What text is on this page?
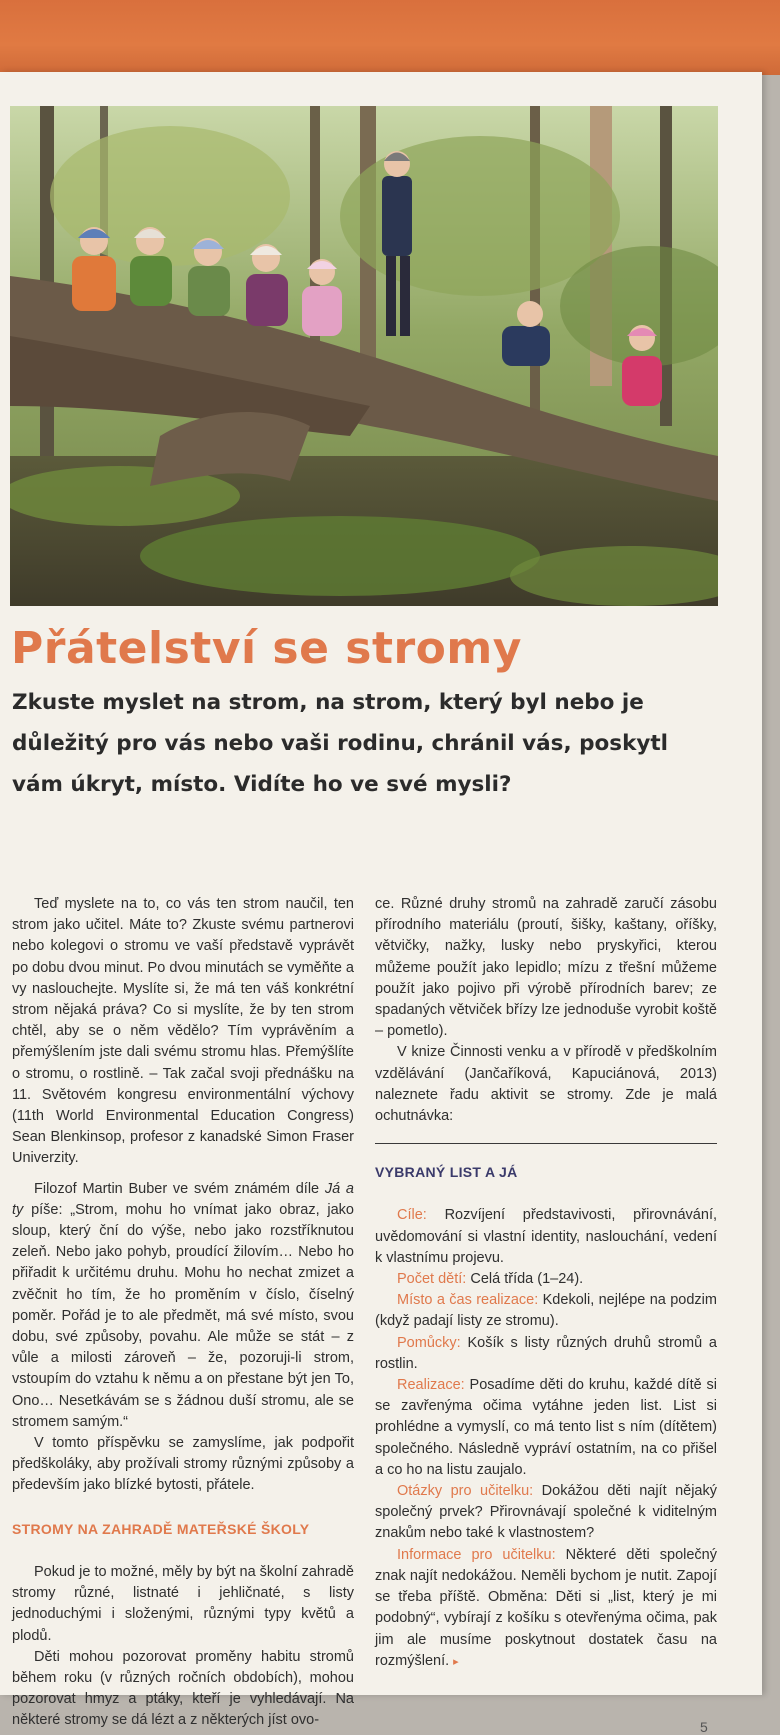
Přátelství se stromy

Zkuste myslet na strom, na strom, který byl nebo je důležitý pro vás nebo vaši rodinu, chránil vás, poskytl vám úkryt, místo. Vidíte ho ve své mysli?

Teď myslete na to, co vás ten strom naučil, ten strom jako učitel. Máte to? Zkuste svému partnerovi nebo kolegovi o stromu ve vaší představě vyprávět po dobu dvou minut. Po dvou minutách se vyměňte a vy naslouchejte. Myslíte si, že má ten váš konkrétní strom nějaká práva? Co si myslíte, že by ten strom chtěl, aby se o něm vědělo? Tím vyprávěním a přemýšlením jste dali svému stromu hlas. Přemýšlíte o stromu, o rostlině. – Tak začal svoji přednášku na 11. Světovém kongresu environmentální výchovy (11th World Environmental Education Congress) Sean Blenkinsop, profesor z kanadské Simon Fraser Univerzity.

Filozof Martin Buber ve svém známém díle Já a ty píše: „Strom, mohu ho vnímat jako obraz, jako sloup, který ční do výše, nebo jako rozstříknutou zeleň. Nebo jako pohyb, proudící žilovím… Nebo ho přiřadit k určitému druhu. Mohu ho nechat zmizet a zvěčnit ho tím, že ho proměním v číslo, číselný poměr. Pořád je to ale předmět, má své místo, svou dobu, své způsoby, povahu. Ale může se stát – z vůle a milosti zároveň – že, pozoruji-li strom, vstoupím do vztahu k němu a on přestane být jen To, Ono… Nesetkávám se s žádnou duší stromu, ale se stromem samým.“

V tomto příspěvku se zamyslíme, jak podpořit předškoláky, aby prožívali stromy různými způsoby a především jako blízké bytosti, přátele.

STROMY NA ZAHRADĚ MATEŘSKÉ ŠKOLY

Pokud je to možné, měly by být na školní zahradě stromy různé, listnaté i jehličnaté, s listy jednoduchými i složenými, různými typy květů a plodů.

Děti mohou pozorovat proměny habitu stromů během roku (v různých ročních obdobích), mohou pozorovat hmyz a ptáky, kteří je vyhledávají. Na některé stromy se dá lézt a z některých jíst ovo-

ce. Různé druhy stromů na zahradě zaručí zásobu přírodního materiálu (proutí, šišky, kaštany, oříšky, větvičky, nažky, lusky nebo pryskyřici, kterou můžeme použít jako lepidlo; mízu z třešní můžeme použít jako pojivo při výrobě přírodních barev; ze spadaných větviček břízy lze jednoduše vyrobit koště – pometlo).

V knize Činnosti venku a v přírodě v předškolním vzdělávání (Jančaříková, Kapuciánová, 2013) naleznete řadu aktivit se stromy. Zde je malá ochutnávka:

VYBRANÝ LIST A JÁ

Cíle: Rozvíjení představivosti, přirovnávání, uvědomování si vlastní identity, naslouchání, vedení k vlastnímu projevu.

Počet dětí: Celá třída (1–24).

Místo a čas realizace: Kdekoli, nejlépe na podzim (když padají listy ze stromu).

Pomůcky: Košík s listy různých druhů stromů a rostlin.

Realizace: Posadíme děti do kruhu, každé dítě si se zavřenýma očima vytáhne jeden list. List si prohlédne a vymyslí, co má tento list s ním (dítětem) společného. Následně vypráví ostatním, na co přišel a co ho na listu zaujalo.

Otázky pro učitelku: Dokážou děti najít nějaký společný prvek? Přirovnávají společné k viditelným znakům nebo také k vlastnostem?

Informace pro učitelku: Některé děti společný znak najít nedokážou. Neměli bychom je nutit. Zapojí se třeba příště. Obměna: Děti si „list, který je mi podobný“, vybírají z košíku s otevřenýma očima, pak jim ale musíme poskytnout dostatek času na rozmýšlení. ▸

5
